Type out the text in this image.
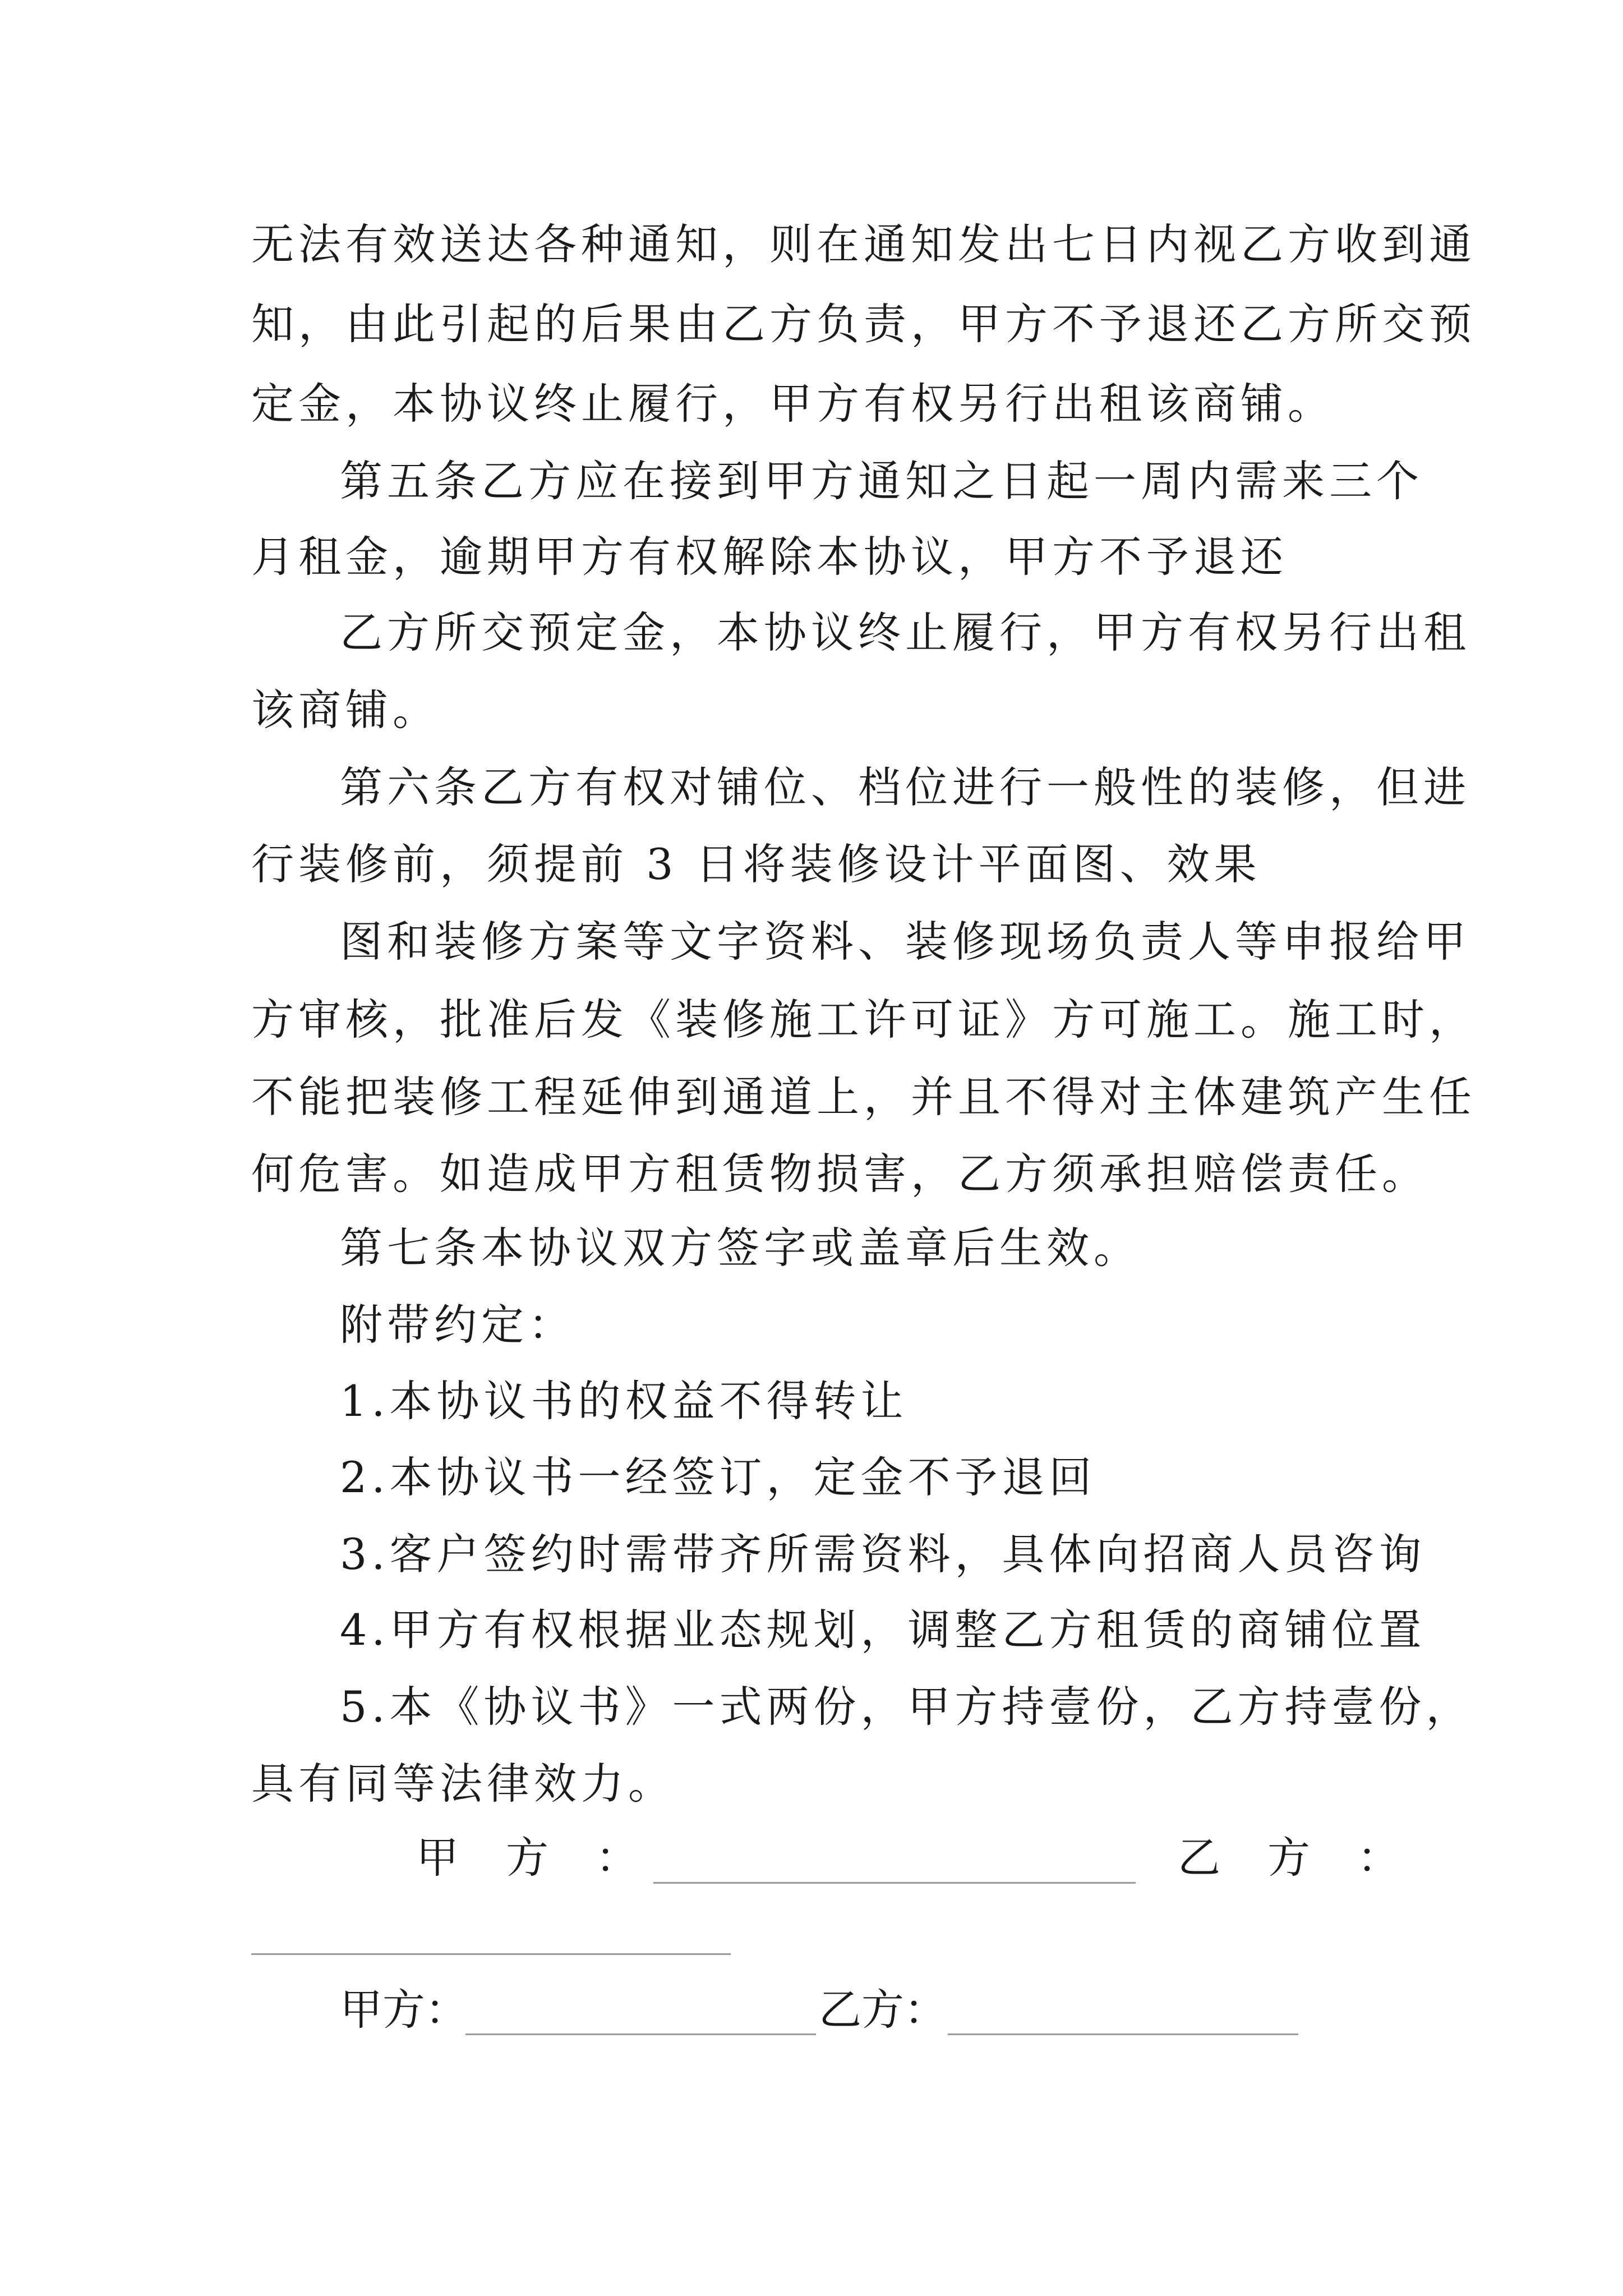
无法有效送达各种通知，则在通知发出七日内视乙方收到通
知，由此引起的后果由乙方负责，甲方不予退还乙方所交预
定金，本协议终止履行，甲方有权另行出租该商铺。
第五条乙方应在接到甲方通知之日起一周内需来三个
月租金，逾期甲方有权解除本协议，甲方不予退还
乙方所交预定金，本协议终止履行，甲方有权另行出租
该商铺。
第六条乙方有权对铺位、档位进行一般性的装修，但进
行装修前，须提前 3 日将装修设计平面图、效果
图和装修方案等文字资料、装修现场负责人等申报给甲
方审核，批准后发《装修施工许可证》方可施工。施工时，
不能把装修工程延伸到通道上，并且不得对主体建筑产生任
何危害。如造成甲方租赁物损害，乙方须承担赔偿责任。
第七条本协议双方签字或盖章后生效。
附带约定：
1.本协议书的权益不得转让
2.本协议书一经签订，定金不予退回
3.客户签约时需带齐所需资料，具体向招商人员咨询
4.甲方有权根据业态规划，调整乙方租赁的商铺位置
5.本《协议书》一式两份，甲方持壹份，乙方持壹份，
具有同等法律效力。
甲　方　：	乙　方　：
甲方：	乙方：
